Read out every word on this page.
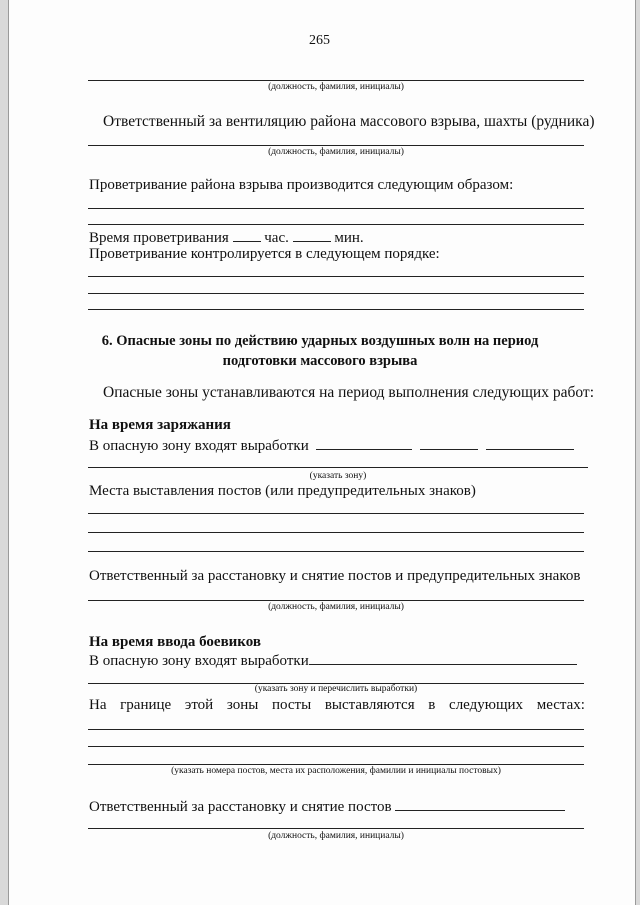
265
(должность, фамилия, инициалы)
Ответственный за вентиляцию района массового взрыва, шахты (рудника)
(должность, фамилия, инициалы)
Проветривание района взрыва производится следующим образом:
Время проветривания час.	мин.
Проветривание контролируется в следующем порядке:
6. Опасные зоны по действию ударных воздушных волн на период
подготовки массового взрыва
Опасные зоны устанавливаются на период выполнения следующих работ:
На время заряжания
В опасную зону входят выработки
(указать зону)
Места выставления постов (или предупредительных знаков)
Ответственный за расстановку и снятие постов и предупредительных знаков
(должность, фамилия, инициалы)
На время ввода боевиков
В опасную зону входят выработки
(указать зону и перечислить выработки)
На границе этой зоны посты выставляются в следующих местах:
(указать номера постов, места их расположения, фамилии и инициалы постовых)
Ответственный за расстановку и снятие постов
(должность, фамилия, инициалы)
